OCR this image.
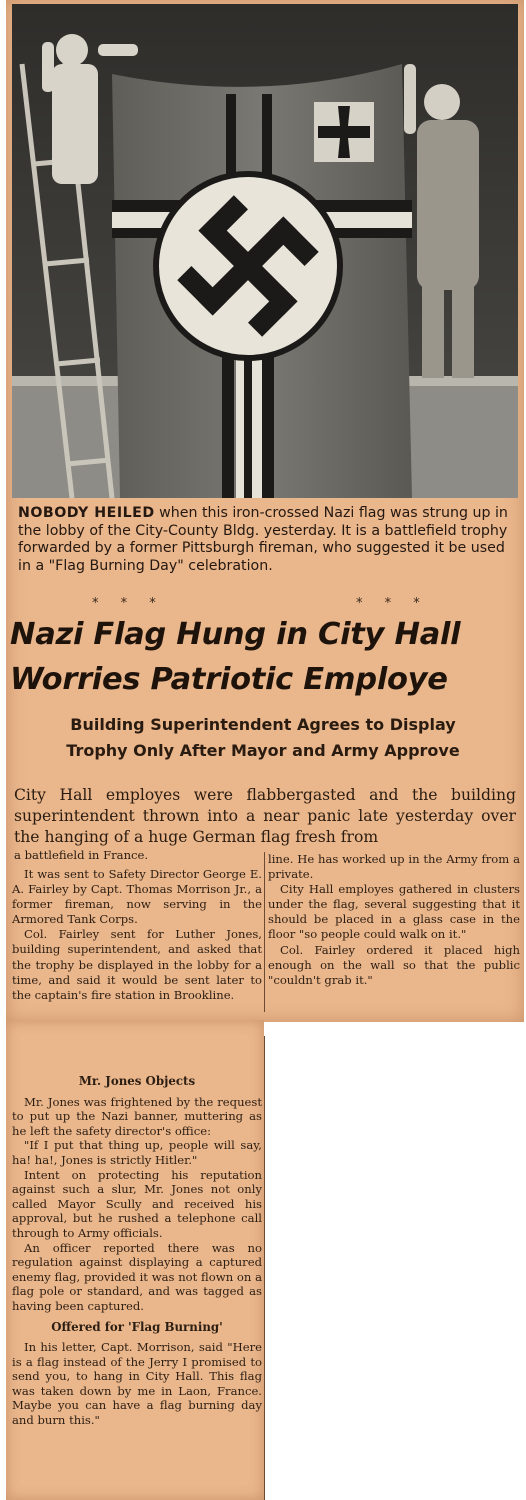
NOBODY HEILED when this iron-crossed Nazi flag was strung up in the lobby of the City-County Bldg. yesterday. It is a battlefield trophy forwarded by a former Pittsburgh fireman, who suggested it be used in a "Flag Burning Day" celebration.

* * *	* * *
Nazi Flag Hung in City Hall
Worries Patriotic Employe
Building Superintendent Agrees to Display
Trophy Only After Mayor and Army Approve

City Hall employes were flabbergasted and the building superintendent thrown into a near panic late yesterday over the hanging of a huge German flag fresh from

a battlefield in France.

It was sent to Safety Director George E. A. Fairley by Capt. Thomas Morrison Jr., a former fireman, now serving in the Armored Tank Corps.

Col. Fairley sent for Luther Jones, building superintendent, and asked that the trophy be displayed in the lobby for a time, and said it would be sent later to the captain's fire station in Brookline.

line. He has worked up in the Army from a private.

City Hall employes gathered in clusters under the flag, several suggesting that it should be placed in a glass case in the floor "so people could walk on it."

Col. Fairley ordered it placed high enough on the wall so that the public "couldn't grab it."

Mr. Jones Objects

Mr. Jones was frightened by the request to put up the Nazi banner, muttering as he left the safety director's office:

"If I put that thing up, people will say, ha! ha!, Jones is strictly Hitler."

Intent on protecting his reputation against such a slur, Mr. Jones not only called Mayor Scully and received his approval, but he rushed a telephone call through to Army officials.

An officer reported there was no regulation against displaying a captured enemy flag, provided it was not flown on a flag pole or standard, and was tagged as having been captured.

Offered for 'Flag Burning'

In his letter, Capt. Morrison, said "Here is a flag instead of the Jerry I promised to send you, to hang in City Hall. This flag was taken down by me in Laon, France. Maybe you can have a flag burning day and burn this."
